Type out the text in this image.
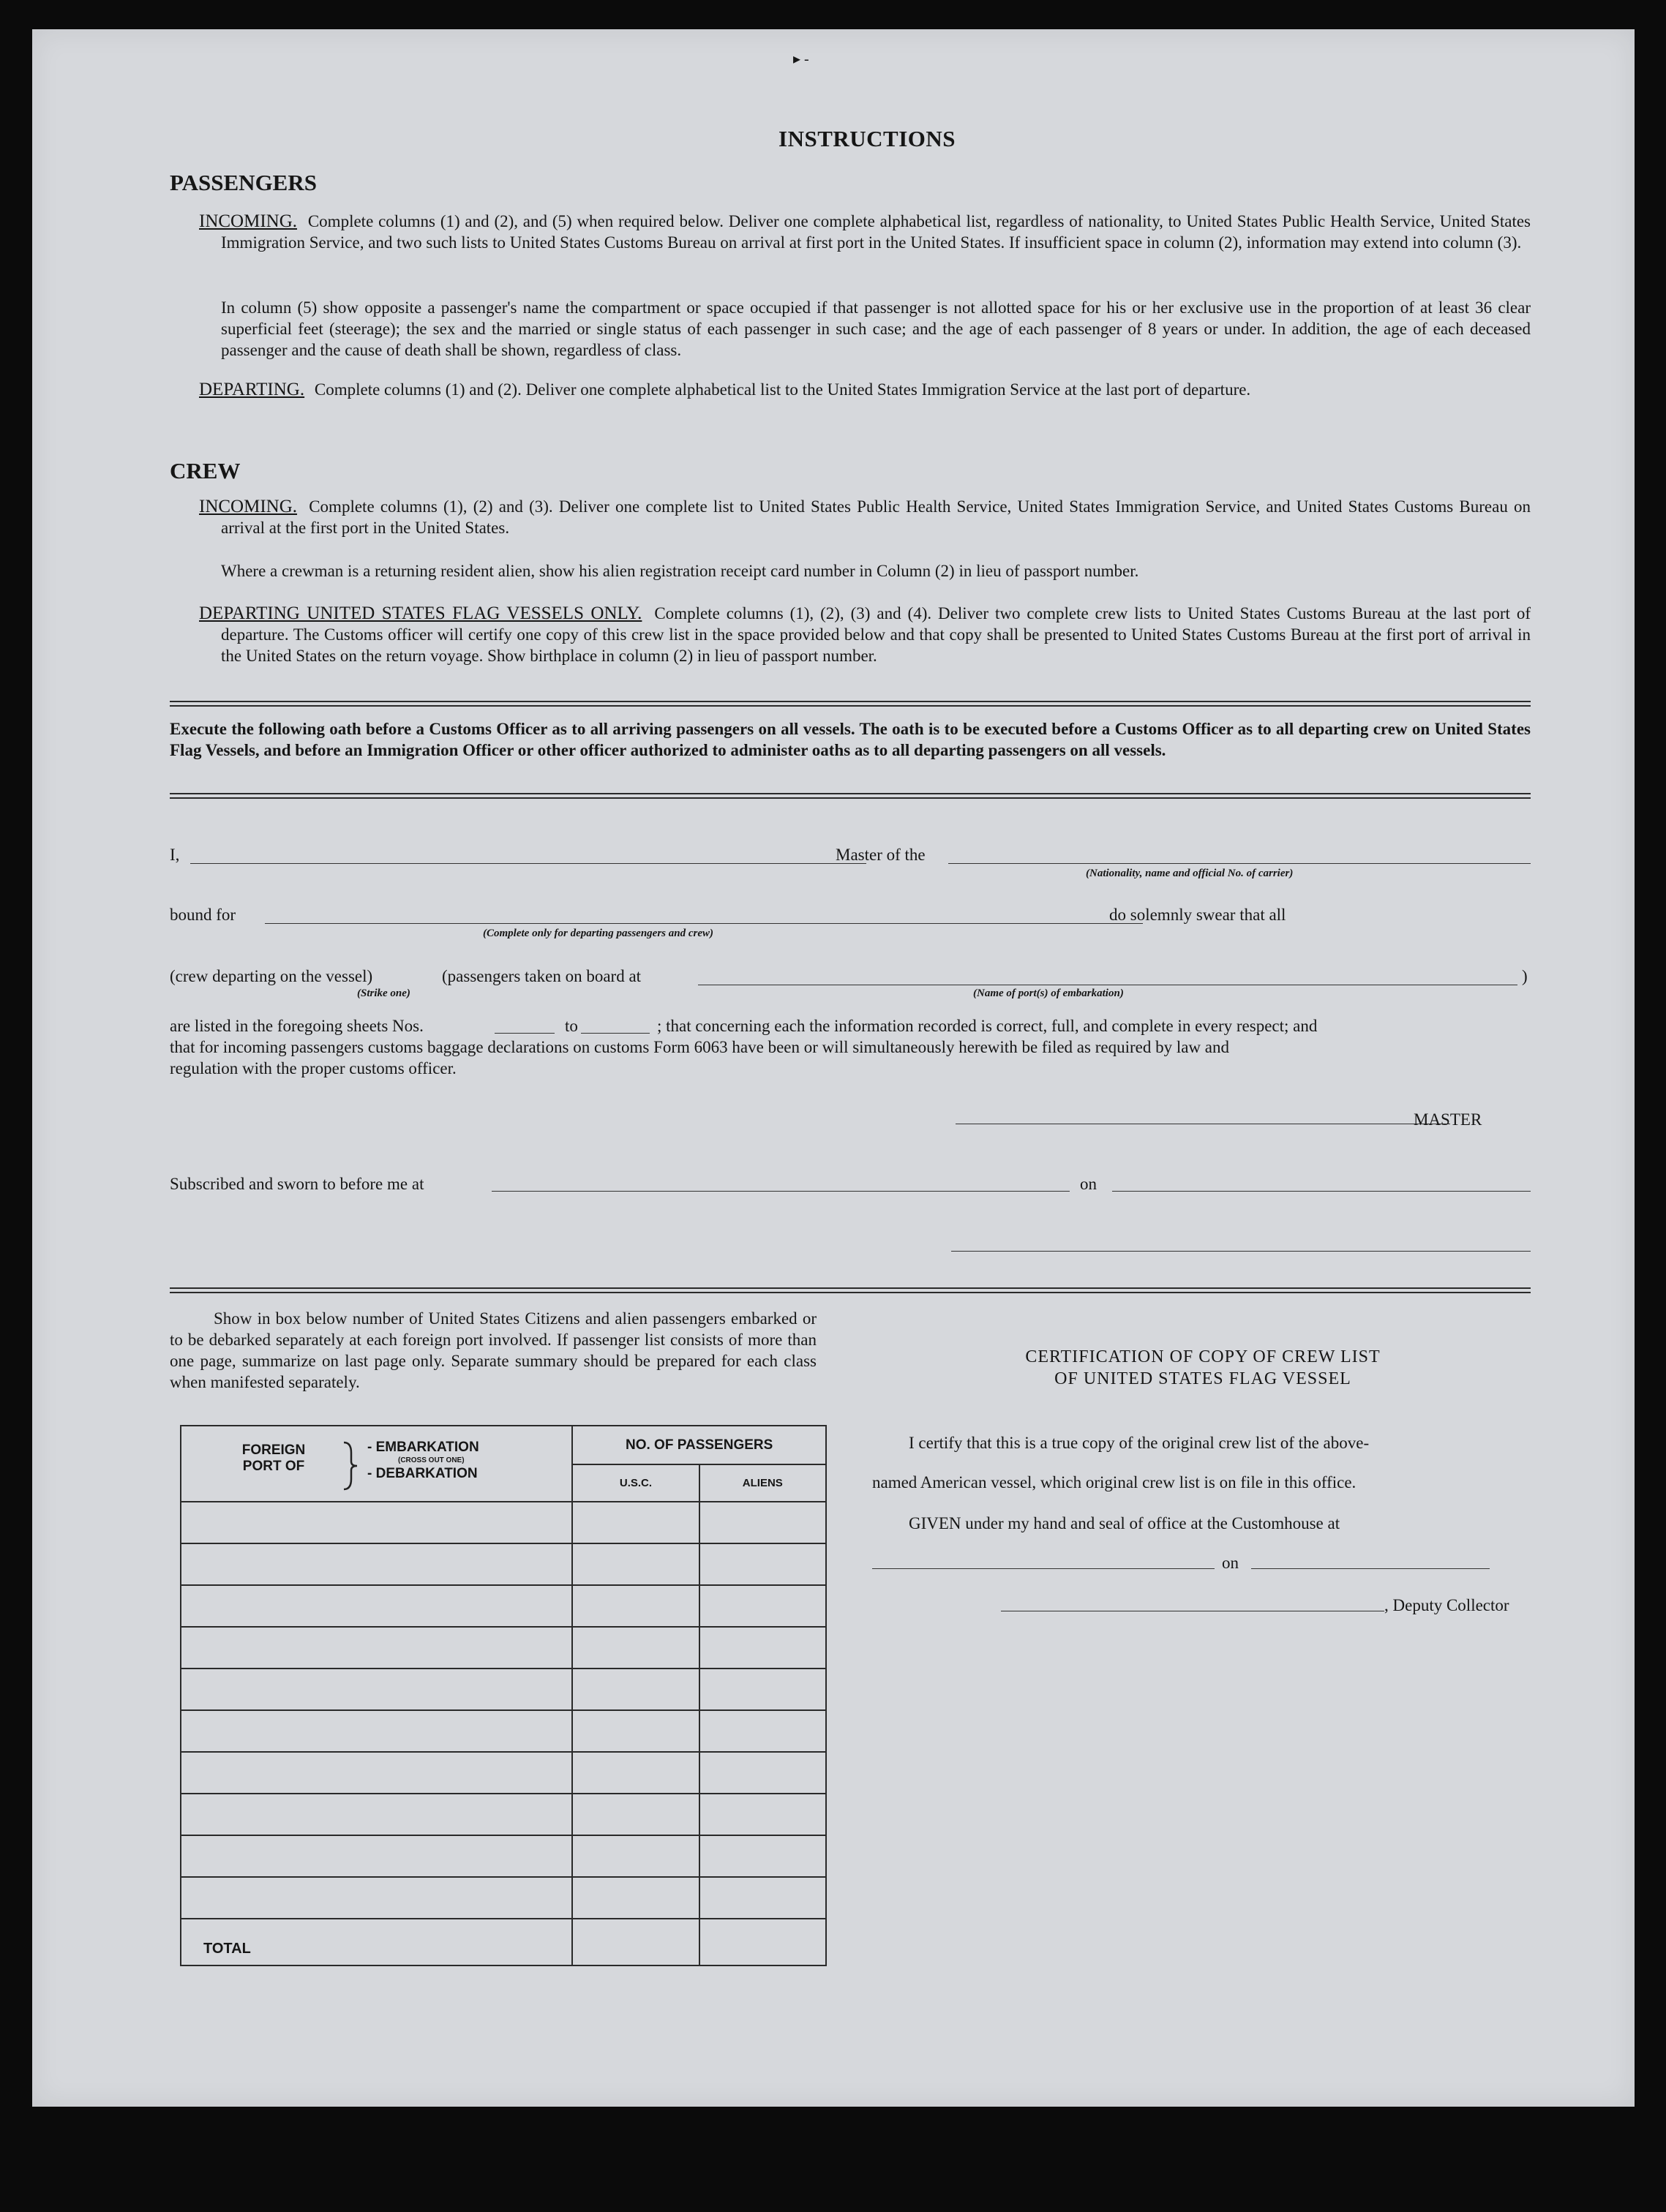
▸ -
INSTRUCTIONS
PASSENGERS
INCOMING. Complete columns (1) and (2), and (5) when required below. Deliver one complete alphabetical list, regardless of nationality, to United States Public Health Service, United States Immigration Service, and two such lists to United States Customs Bureau on arrival at first port in the United States. If insufficient space in column (2), information may extend into column (3).
In column (5) show opposite a passenger's name the compartment or space occupied if that passenger is not allotted space for his or her exclusive use in the proportion of at least 36 clear superficial feet (steerage); the sex and the married or single status of each passenger in such case; and the age of each passenger of 8 years or under. In addition, the age of each deceased passenger and the cause of death shall be shown, regardless of class.
DEPARTING. Complete columns (1) and (2). Deliver one complete alphabetical list to the United States Immigration Service at the last port of departure.
CREW
INCOMING. Complete columns (1), (2) and (3). Deliver one complete list to United States Public Health Service, United States Immigration Service, and United States Customs Bureau on arrival at the first port in the United States.
Where a crewman is a returning resident alien, show his alien registration receipt card number in Column (2) in lieu of passport number.
DEPARTING UNITED STATES FLAG VESSELS ONLY. Complete columns (1), (2), (3) and (4). Deliver two complete crew lists to United States Customs Bureau at the last port of departure. The Customs officer will certify one copy of this crew list in the space provided below and that copy shall be presented to United States Customs Bureau at the first port of arrival in the United States on the return voyage. Show birthplace in column (2) in lieu of passport number.
Execute the following oath before a Customs Officer as to all arriving passengers on all vessels. The oath is to be executed before a Customs Officer as to all departing crew on United States Flag Vessels, and before an Immigration Officer or other officer authorized to administer oaths as to all departing passengers on all vessels.
I,	Master of the
(Nationality, name and official No. of carrier)
bound for
(Complete only for departing passengers and crew)
do solemnly swear that all
(crew departing on the vessel)	(passengers taken on board at	)
(Strike one)	(Name of port(s) of embarkation)
are listed in the foregoing sheets Nos.	to	; that concerning each the information recorded is correct, full, and complete in every respect; and
that for incoming passengers customs baggage declarations on customs Form 6063 have been or will simultaneously herewith be filed as required by law and
regulation with the proper customs officer.
MASTER
Subscribed and sworn to before me at	on
Show in box below number of United States Citizens and alien passengers embarked or to be debarked separately at each foreign port involved. If passenger list consists of more than one page, summarize on last page only. Separate summary should be prepared for each class when manifested separately.
FOREIGN PORT OF
- EMBARKATION
(CROSS OUT ONE)
- DEBARKATION	NO. OF PASSENGERS	
	U.S.C.	ALIENS

TOTAL		
CERTIFICATION OF COPY OF CREW LIST
OF UNITED STATES FLAG VESSEL
I certify that this is a true copy of the original crew list of the above-
named American vessel, which original crew list is on file in this office.
GIVEN under my hand and seal of office at the Customhouse at
on
, Deputy Collector
